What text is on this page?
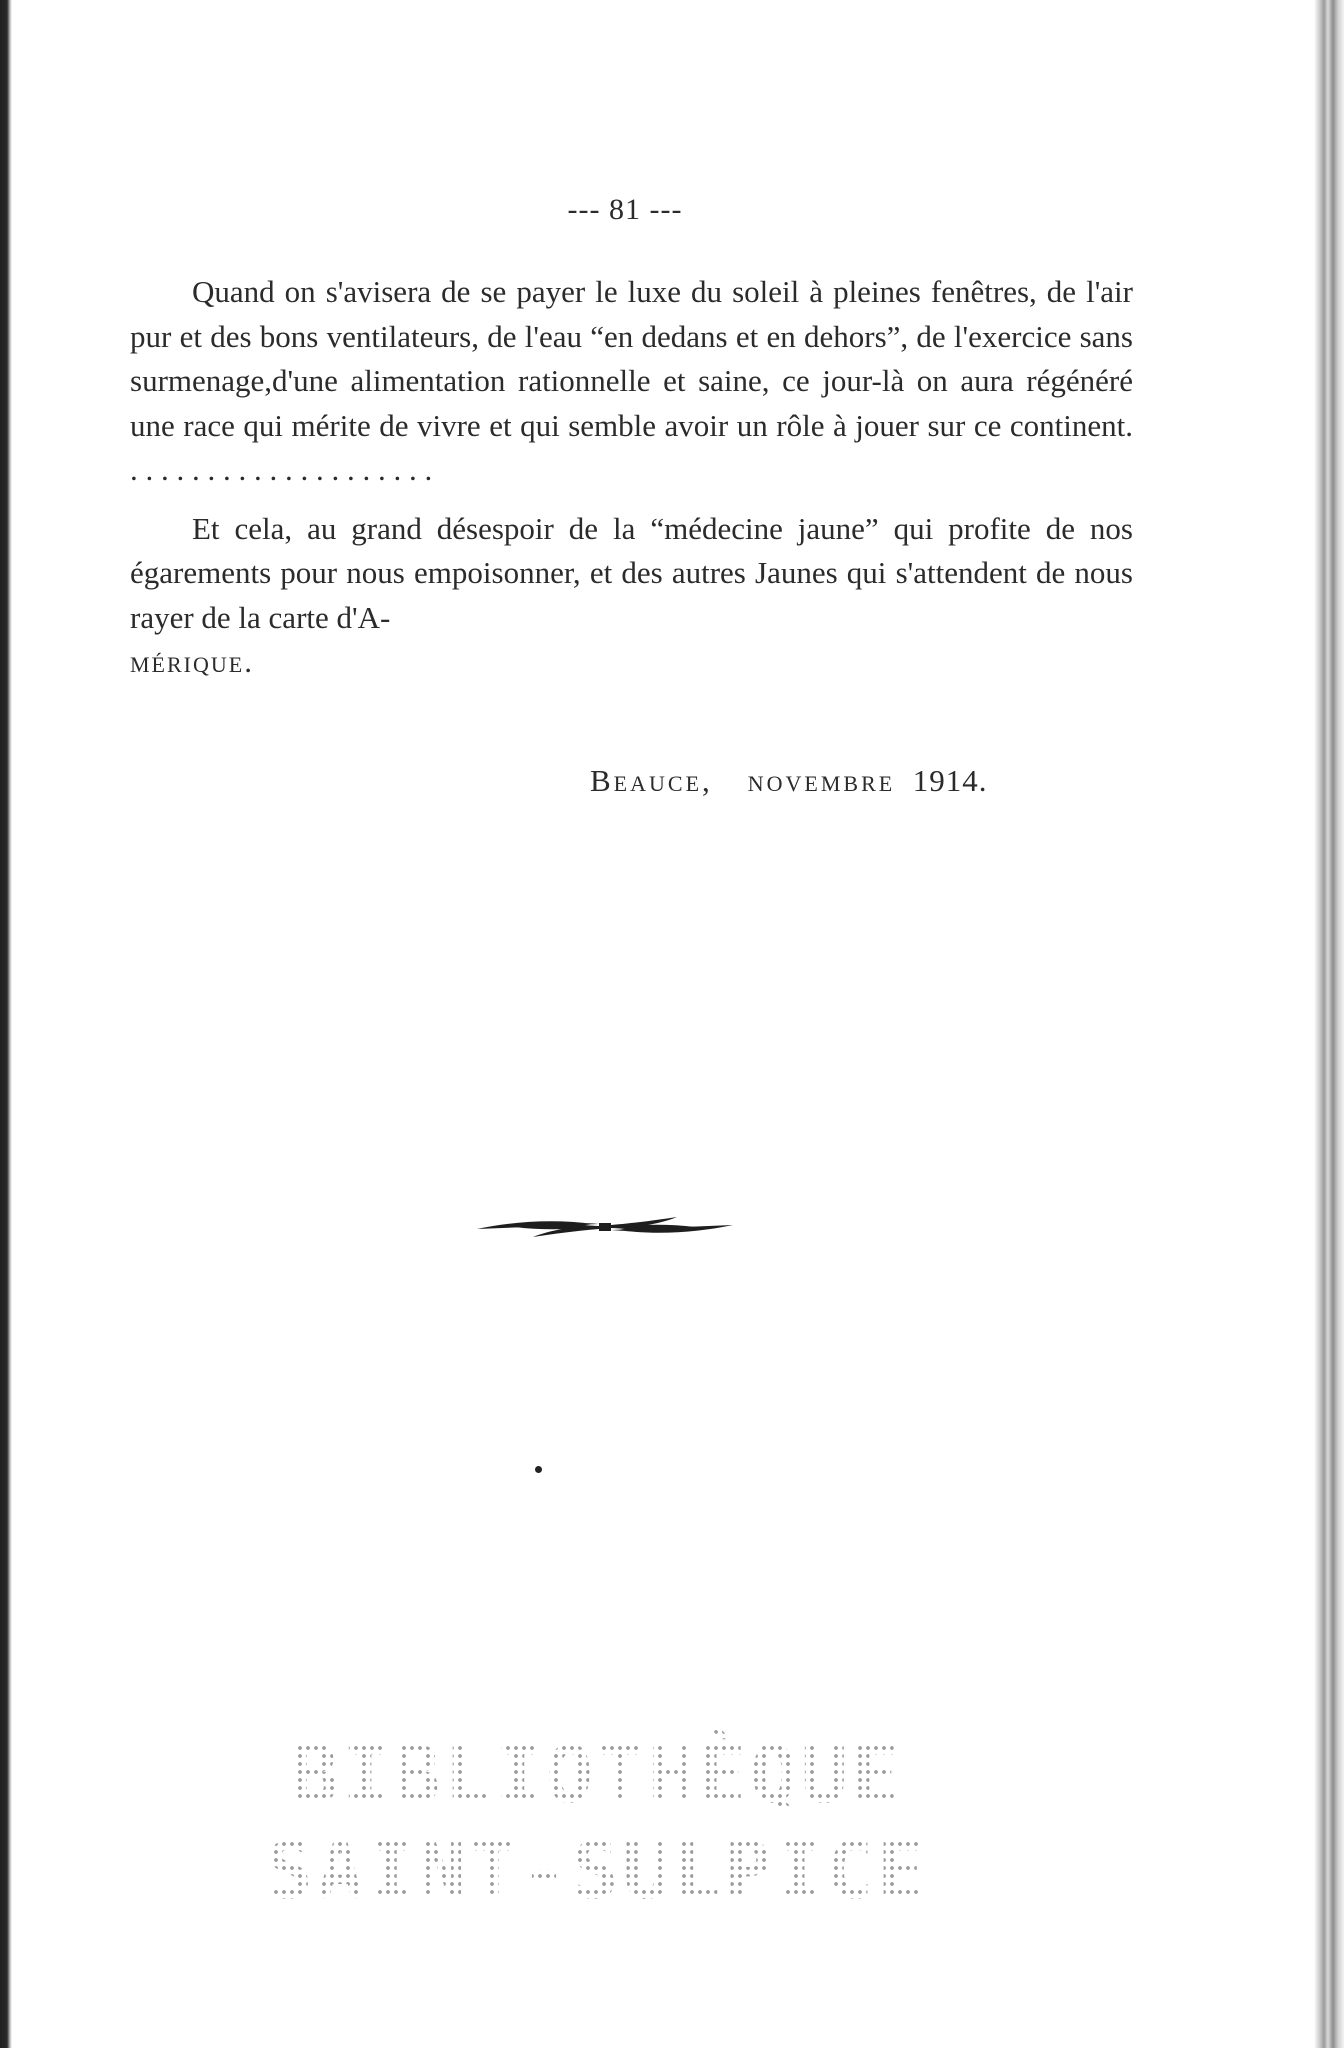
--- 81 ---

Quand on s'avisera de se payer le luxe du soleil à pleines fenêtres, de l'air pur et des bons ventilateurs, de l'eau “en dedans et en dehors”, de l'exercice sans surmenage,d'une alimentation rationnelle et saine, ce jour-là on aura régénéré une race qui mérite de vivre et qui semble avoir un rôle à jouer sur ce continent. . . . . . . . . . . . . . . . . . . . .

Et cela, au grand désespoir de la “médecine jaune” qui profite de nos égarements pour nous empoisonner, et des autres Jaunes qui s'attendent de nous rayer de la carte d'A-
mérique.

Beauce, novembre 1914.
BIBLIOTHÈQUE
SAINT-SULPICE
